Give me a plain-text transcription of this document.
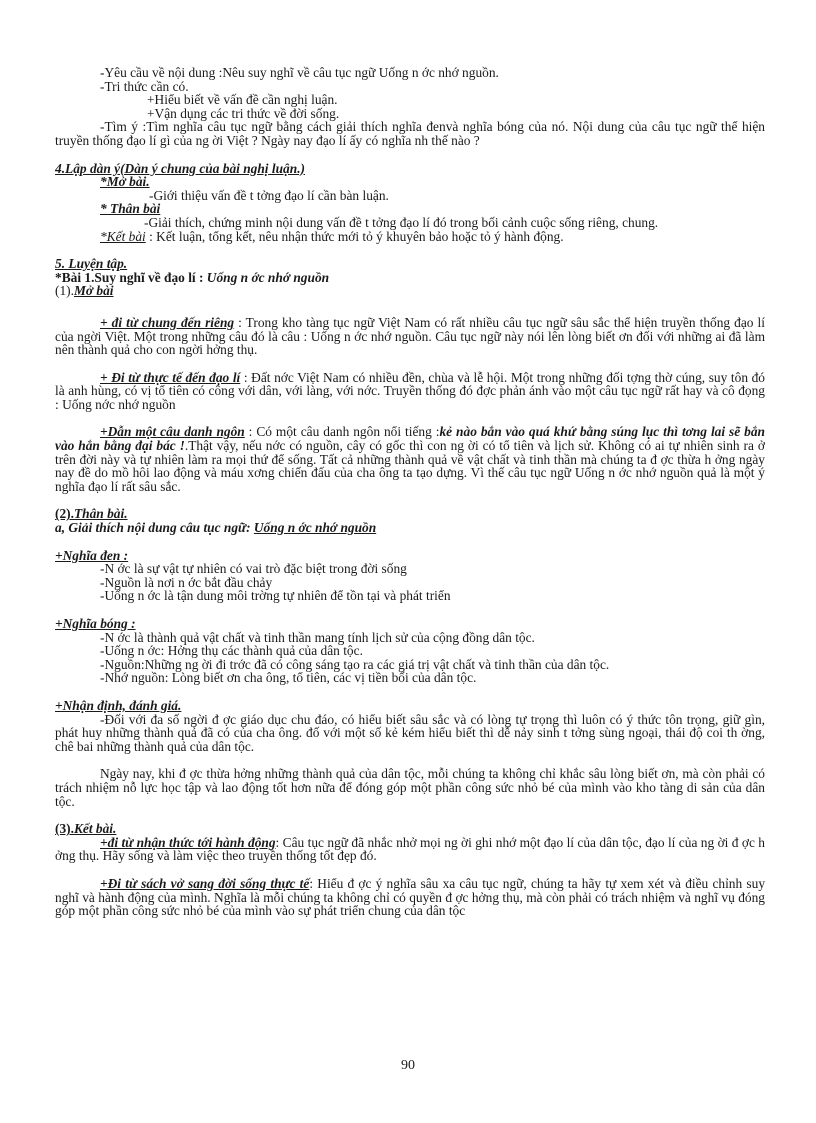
-Yêu cầu về nội dung :Nêu suy nghĩ về câu tục ngữ Uống n ớc nhớ nguồn.

-Tri thức cần có.

+Hiểu biết về vấn đề cần nghị luận.

+Vận dụng các tri thức về đời sống.

-Tìm ý :Tìm nghĩa câu tục ngữ bằng cách giải thích nghĩa đenvà nghĩa bóng của nó. Nội dung của câu tục ngữ thể hiện truyền thống đạo lí gì của ng ời Việt ? Ngày nay đạo lí ấy có nghĩa nh thế nào ?

4.Lập dàn ý(Dàn ý chung của bài nghị luận.)

*Mở bài.

-Giới thiệu vấn đề t tởng đạo lí cần bàn luận.

* Thân bài

-Giải thích, chứng minh nội dung vấn đề t tởng đạo lí đó trong bối cảnh cuộc sống riêng, chung.

*Kết bài : Kết luận, tổng kết, nêu nhận thức mới tỏ ý khuyên bảo hoặc tỏ ý hành động.

5. Luyện tập.

*Bài 1.Suy nghĩ về đạo lí : Uống n ớc nhớ nguồn

(1).Mở bài

+ đi từ chung đến riêng : Trong kho tàng tục ngữ Việt Nam có rất nhiều câu tục ngữ sâu sắc thể hiện truyền thống đạo lí của ngời Việt. Một trong những câu đó là câu : Uống n ớc nhớ nguồn. Câu tục ngữ này nói lên lòng biết ơn đối với những ai đã làm nên thành quả cho con ngời hởng thụ.

+ Đi từ thực tế đến đạo lí : Đất nớc Việt Nam có nhiều đền, chùa và lễ hội. Một trong những đối tợng thờ cúng, suy tôn đó là anh hùng, có vị tổ tiên có công với dân, với làng, với nớc. Truyền thống đó đợc phản ánh vào một câu tục ngữ rất hay và cô đọng : Uống nớc nhớ nguồn

+Dẫn một câu danh ngôn : Có một câu danh ngôn nổi tiếng :kẻ nào bắn vào quá khứ bằng súng lục thì tơng lai sẽ bắn vào hắn bằng đại bác !.Thật vậy, nếu nớc có nguồn, cây có gốc thì con ng ời có tổ tiên và lịch sử. Không có ai tự nhiên sinh ra ở trên đời này và tự nhiên làm ra mọi thứ để sống. Tất cả những thành quả về vật chất và tinh thần mà chúng ta đ ợc thừa h ởng ngày nay đề do mồ hôi lao động và máu xơng chiến đấu của cha ông ta tạo dựng. Vì thế câu tục ngữ Uống n ớc nhớ nguồn quả là một ý nghĩa đạo lí rất sâu sắc.

(2).Thân bài.

a, Giải thích nội dung câu tục ngữ: Uống n ớc nhớ nguồn

+Nghĩa đen :

-N ớc là sự vật tự nhiên có vai trò đặc biệt trong đời sống

-Nguồn là nơi n ớc bắt đầu chảy

-Uống n ớc là tận dung môi trờng tự nhiên để tồn tại và phát triển

+Nghĩa bóng :

-N ớc là thành quả vật chất và tinh thần mang tính lịch sử của cộng đồng dân tộc.

-Uống n ớc: Hởng thụ các thành quả của dân tộc.

-Nguồn:Những ng ời đi trớc đã có công sáng tạo ra các giá trị vật chất và tinh thần của dân tộc.

-Nhớ nguồn: Lòng biết ơn cha ông, tổ tiên, các vị tiền bối của dân tộc.

+Nhận định, đánh giá.

-Đối với đa số ngời đ ợc giáo dục chu đáo, có hiểu biết sâu sắc và có lòng tự trọng thì luôn có ý thức tôn trọng, giữ gìn, phát huy những thành quả đã có của cha ông. đố với một số kẻ kém hiểu biết thì dễ nảy sinh t tởng sùng ngoại, thái độ coi th ờng, chê bai những thành quả của dân tộc.

Ngày nay, khi đ ợc thừa hởng những thành quả của dân tộc, mỗi chúng ta không chỉ khắc sâu lòng biết ơn, mà còn phải có trách nhiệm nỗ lực học tập và lao động tốt hơn nữa để đóng góp một phần công sức nhỏ bé của mình vào kho tàng di sản của dân tộc.

(3).Kết bài.

+đi từ nhận thức tới hành động: Câu tục ngữ đã nhắc nhở mọi ng ời ghi nhớ một đạo lí của dân tộc, đạo lí của ng ời đ ợc h ởng thụ. Hãy sống và làm việc theo truyền thống tốt đẹp đó.

+Đi từ sách vở sang đời sống thực tế: Hiểu đ ợc ý nghĩa sâu xa câu tục ngữ, chúng ta hãy tự xem xét và điều chỉnh suy nghĩ và hành động của mình. Nghĩa là mỗi chúng ta không chỉ có quyền đ ợc hởng thụ, mà còn phải có trách nhiệm và nghĩ vụ đóng góp một phần công sức nhỏ bé của mình vào sự phát triển chung của dân tộc

90
